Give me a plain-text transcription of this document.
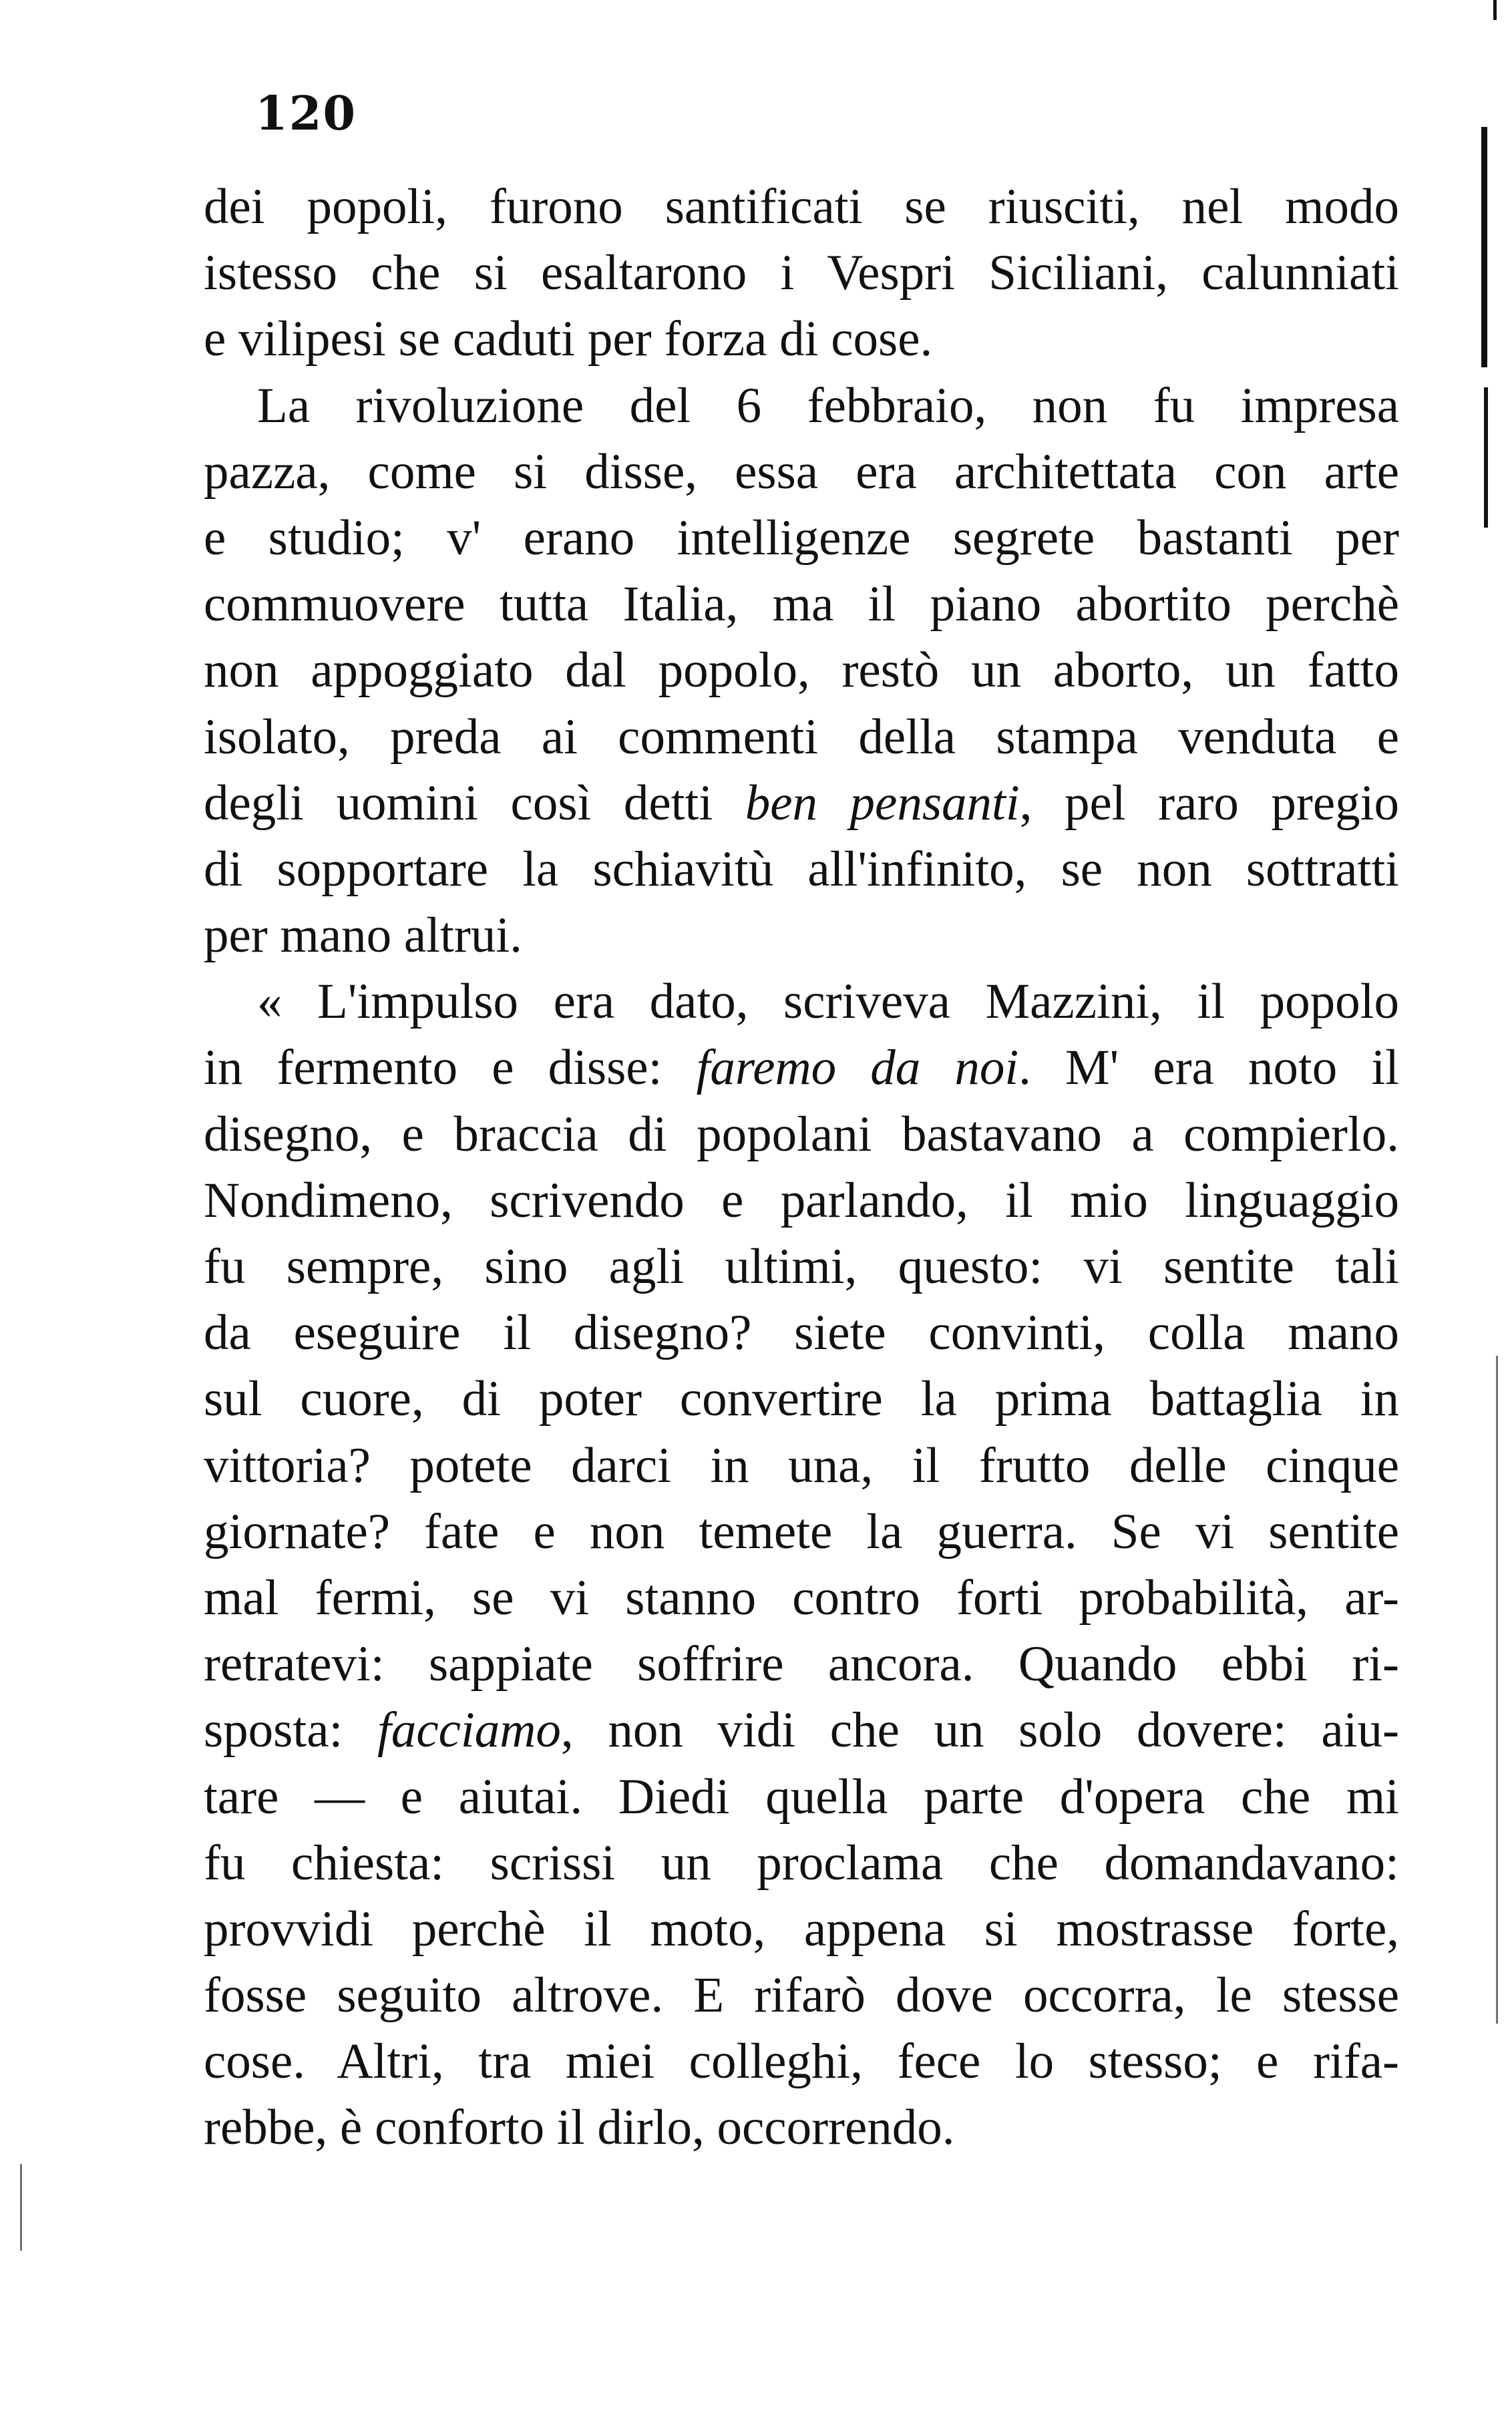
120
dei popoli, furono santificati se riusciti, nel modo
istesso che si esaltarono i Vespri Siciliani, calunniati
e vilipesi se caduti per forza di cose.
La rivoluzione del 6 febbraio, non fu impresa
pazza, come si disse, essa era architettata con arte
e studio; v' erano intelligenze segrete bastanti per
commuovere tutta Italia, ma il piano abortito perchè
non appoggiato dal popolo, restò un aborto, un fatto
isolato, preda ai commenti della stampa venduta e
degli uomini così detti ben pensanti, pel raro pregio
di sopportare la schiavitù all'infinito, se non sottratti
per mano altrui.
« L'impulso era dato, scriveva Mazzini, il popolo
in fermento e disse: faremo da noi. M' era noto il
disegno, e braccia di popolani bastavano a compierlo.
Nondimeno, scrivendo e parlando, il mio linguaggio
fu sempre, sino agli ultimi, questo: vi sentite tali
da eseguire il disegno? siete convinti, colla mano
sul cuore, di poter convertire la prima battaglia in
vittoria? potete darci in una, il frutto delle cinque
giornate? fate e non temete la guerra. Se vi sentite
mal fermi, se vi stanno contro forti probabilità, ar-
retratevi: sappiate soffrire ancora. Quando ebbi ri-
sposta: facciamo, non vidi che un solo dovere: aiu-
tare — e aiutai. Diedi quella parte d'opera che mi
fu chiesta: scrissi un proclama che domandavano:
provvidi perchè il moto, appena si mostrasse forte,
fosse seguito altrove. E rifarò dove occorra, le stesse
cose. Altri, tra miei colleghi, fece lo stesso; e rifa-
rebbe, è conforto il dirlo, occorrendo.
